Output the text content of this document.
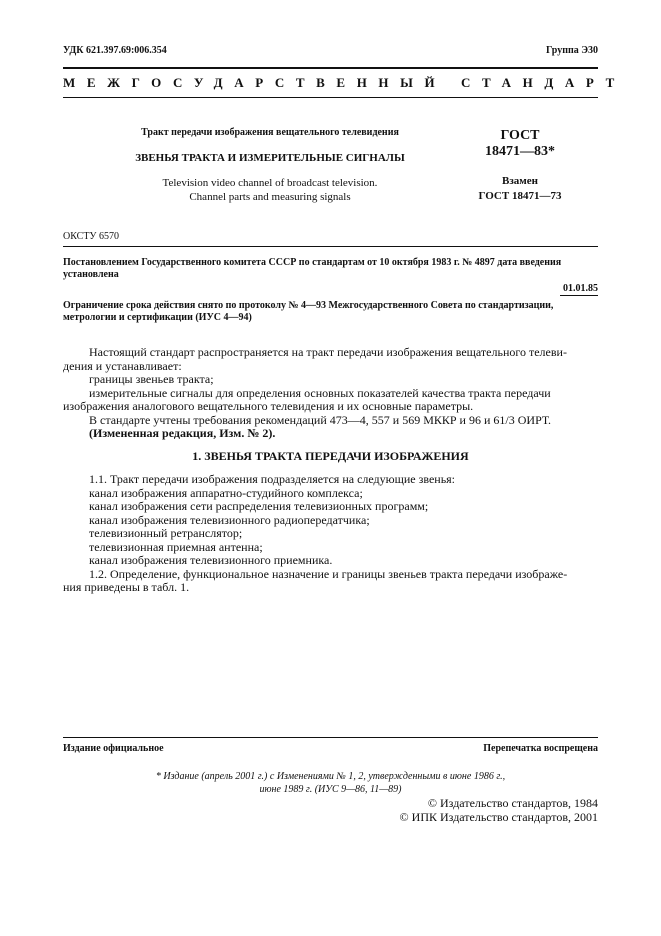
УДК 621.397.69:006.354	Группа Э30
МЕЖГОСУДАРСТВЕННЫЙ СТАНДАРТ
Тракт передачи изображения вещательного телевидения
ЗВЕНЬЯ ТРАКТА И ИЗМЕРИТЕЛЬНЫЕ СИГНАЛЫ
Television video channel of broadcast television.
Channel parts and measuring signals
ГОСТ
18471—83*
Взамен
ГОСТ 18471—73
ОКСТУ 6570
Постановлением Государственного комитета СССР по стандартам от 10 октября 1983 г. № 4897 дата введения
установлена
01.01.85
Ограничение срока действия снято по протоколу № 4—93 Межгосударственного Совета по стандартизации,
метрологии и сертификации (ИУС 4—94)
Настоящий стандарт распространяется на тракт передачи изображения вещательного телеви-
дения и устанавливает:
границы звеньев тракта;
измерительные сигналы для определения основных показателей качества тракта передачи
изображения аналогового вещательного телевидения и их основные параметры.
В стандарте учтены требования рекомендаций 473—4, 557 и 569 МККР и 96 и 61/3 ОИРТ.
(Измененная редакция, Изм. № 2).
1. ЗВЕНЬЯ ТРАКТА ПЕРЕДАЧИ ИЗОБРАЖЕНИЯ
1.1. Тракт передачи изображения подразделяется на следующие звенья:
канал изображения аппаратно-студийного комплекса;
канал изображения сети распределения телевизионных программ;
канал изображения телевизионного радиопередатчика;
телевизионный ретранслятор;
телевизионная приемная антенна;
канал изображения телевизионного приемника.
1.2. Определение, функциональное назначение и границы звеньев тракта передачи изображе-
ния приведены в табл. 1.
Издание официальное	Перепечатка воспрещена
* Издание (апрель 2001 г.) с Изменениями № 1, 2, утвержденными в июне 1986 г.,
июне 1989 г. (ИУС 9—86, 11—89)
© Издательство стандартов, 1984
© ИПК Издательство стандартов, 2001
